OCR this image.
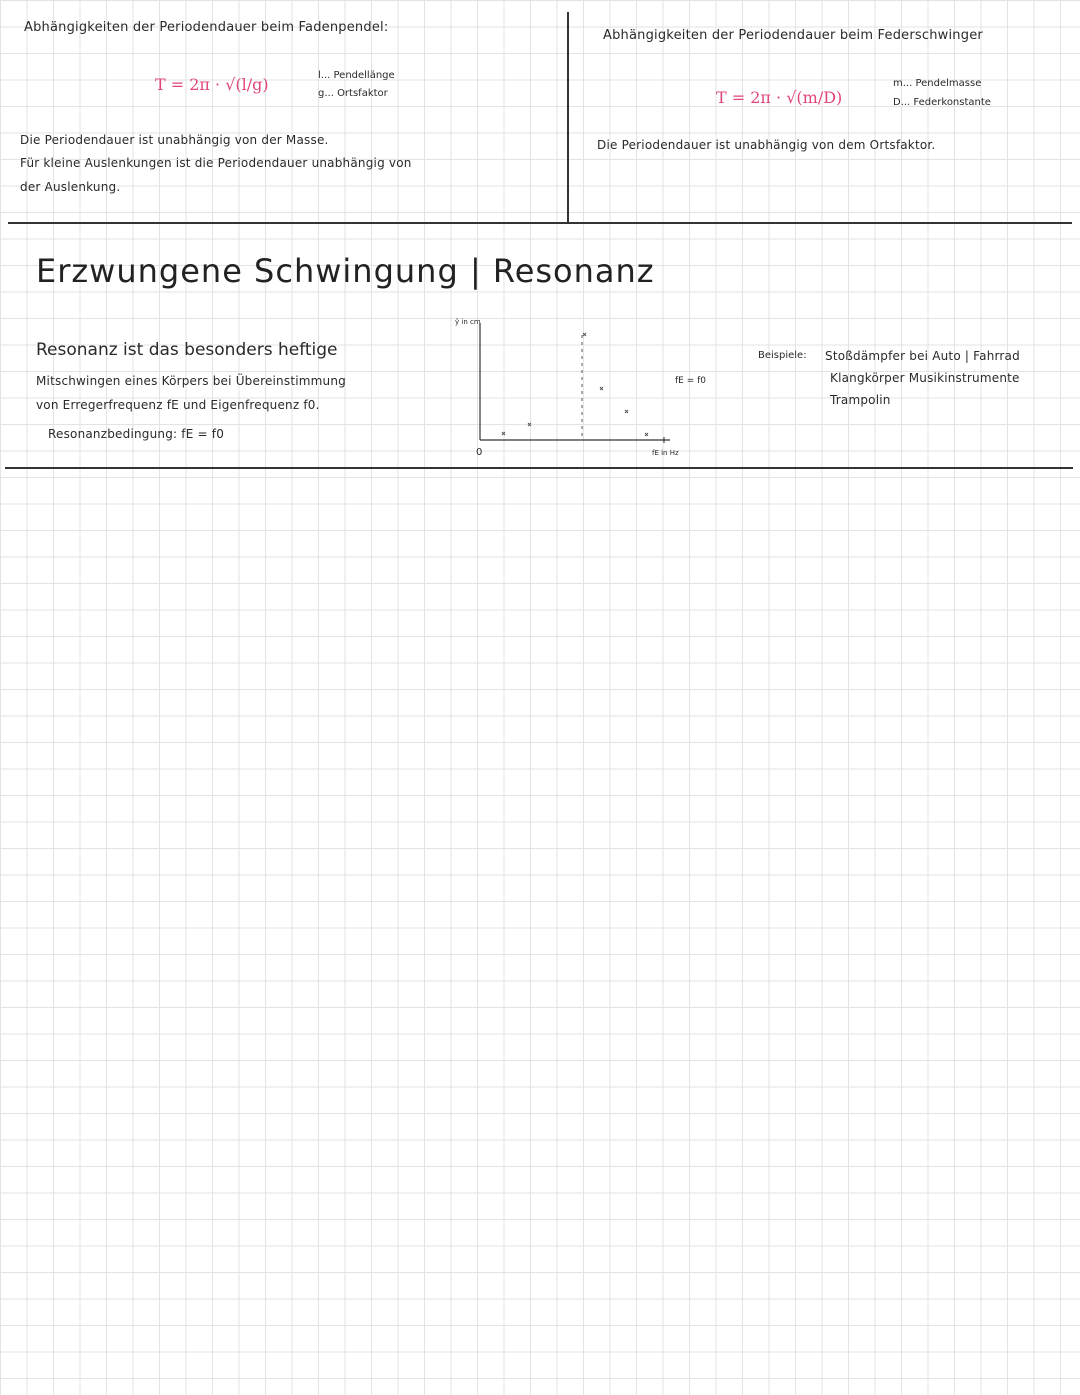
Abhängigkeiten der Periodendauer beim Fadenpendel:
T = 2π · √(l/g)	l... Pendellänge
g... Ortsfaktor
Die Periodendauer ist unabhängig von der Masse.
Für kleine Auslenkungen ist die Periodendauer unabhängig von
der Auslenkung.
Abhängigkeiten der Periodendauer beim Federschwinger
T = 2π · √(m/D)
m... Pendelmasse
D... Federkonstante
Die Periodendauer ist unabhängig von dem Ortsfaktor.
Erzwungene Schwingung | Resonanz
Resonanz ist das besonders heftige
Mitschwingen eines Körpers bei Übereinstimmung
von Erregerfrequenz fE und Eigenfrequenz f0.
Resonanzbedingung: fE = f0
ŷ in cm
0	fE in Hz
fE = f0
Beispiele: Stoßdämpfer bei Auto | Fahrrad
Klangkörper Musikinstrumente
Trampolin
